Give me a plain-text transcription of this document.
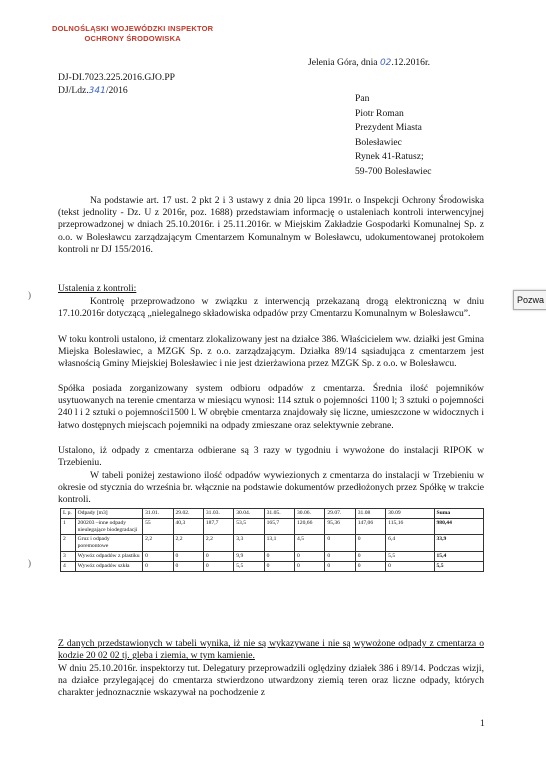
DOLNOŚLĄSKI WOJEWÓDZKI INSPEKTOR
OCHRONY ŚRODOWISKA
Jelenia Góra, dnia 02.12.2016r.
DJ-DI.7023.225.2016.GJO.PP
DJ/Ldz.341/2016
Pan
Piotr Roman
Prezydent Miasta
Bolesławiec
Rynek 41-Ratusz;
59-700 Bolesławiec
Na podstawie art. 17 ust. 2 pkt 2 i 3 ustawy z dnia 20 lipca 1991r. o Inspekcji Ochrony Środowiska (tekst jednolity - Dz. U z 2016r, poz. 1688) przedstawiam informację o ustaleniach kontroli interwencyjnej przeprowadzonej w dniach 25.10.2016r. i 25.11.2016r. w Miejskim Zakładzie Gospodarki Komunalnej Sp. z o.o. w Bolesławcu zarządzającym Cmentarzem Komunalnym w Bolesławcu, udokumentowanej protokołem kontroli nr DJ 155/2016.
Ustalenia z kontroli:
Kontrolę przeprowadzono w związku z interwencją przekazaną drogą elektroniczną w dniu 17.10.2016r dotyczącą „nielegalnego składowiska odpadów przy Cmentarzu Komunalnym w Bolesławcu”.
W toku kontroli ustalono, iż cmentarz zlokalizowany jest na działce 386. Właścicielem ww. działki jest Gmina Miejska Bolesławiec, a MZGK Sp. z o.o. zarządzającym. Działka 89/14 sąsiadująca z cmentarzem jest własnością Gminy Miejskiej Bolesławiec i nie jest dzierżawiona przez MZGK Sp. z o.o. w Bolesławcu.
Spółka posiada zorganizowany system odbioru odpadów z cmentarza. Średnia ilość pojemników usytuowanych na terenie cmentarza w miesiącu wynosi: 114 sztuk o pojemności 1100 l; 3 sztuki o pojemności 240 l i 2 sztuki o pojemności1500 l. W obrębie cmentarza znajdowały się liczne, umieszczone w widocznych i łatwo dostępnych miejscach pojemniki na odpady zmieszane oraz selektywnie zebrane.
Ustalono, iż odpady z cmentarza odbierane są 3 razy w tygodniu i wywożone do instalacji RIPOK w Trzebieniu.
W tabeli poniżej zestawiono ilość odpadów wywiezionych z cmentarza do instalacji w Trzebieniu w okresie od stycznia do września br. włącznie na podstawie dokumentów przedłożonych przez Spółkę w trakcie kontroli.
L p.	Odpady [m3]	31.01.	29.02.	31.03.	30.04.	31.05.	30.06.	29.07.	31.08	30.09	Suma
1	200203 –inne odpady nieulegające biodegradacji	55	40,3	187,7	53,5	165,7	120,66	95,36	147,06	115,16	980,44
2	Gruz i odpady poremontowe	2,2	2,2	2,2	3,3	13,1	4,5	0	0	6,4	33,9
3	Wywóz odpadów z plastiku	0	0	0	9,9	0	0	0	0	5,5	15,4
4	Wywóz odpadów szkła	0	0	0	5,5	0	0	0	0	0	5,5
Z danych przedstawionych w tabeli wynika, iż nie są wykazywane i nie są wywożone odpady z cmentarza o kodzie 20 02 02 tj. gleba i ziemia, w tym kamienie.
W dniu 25.10.2016r. inspektorzy tut. Delegatury przeprowadzili oględziny działek 386 i 89/14. Podczas wizji, na działce przylegającej do cmentarza stwierdzono utwardzony ziemią teren oraz liczne odpady, których charakter jednoznacznie wskazywał na pochodzenie z
1
)
)
Pozwa
